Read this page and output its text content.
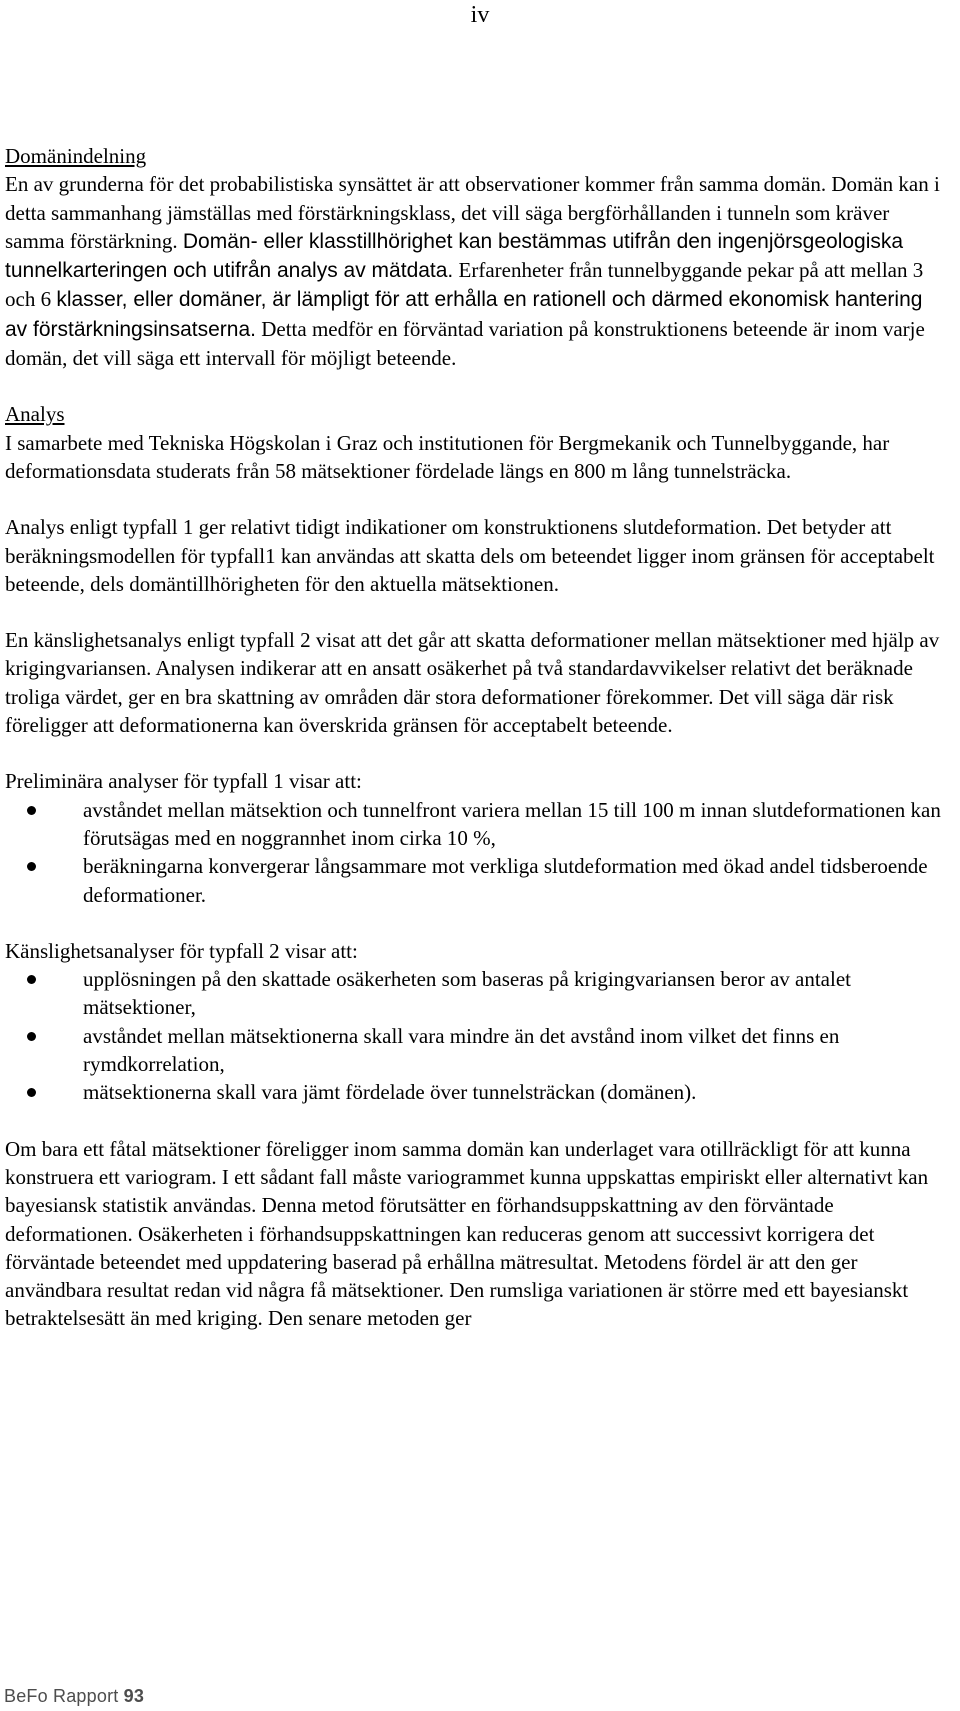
iv
Domänindelning

En av grunderna för det probabilistiska synsättet är att observationer kommer från samma domän. Domän kan i detta sammanhang jämställas med förstärkningsklass, det vill säga bergförhållanden i tunneln som kräver samma förstärkning. Domän- eller klasstillhörighet kan bestämmas utifrån den ingenjörsgeologiska tunnelkarteringen och utifrån analys av mätdata. Erfarenheter från tunnelbyggande pekar på att mellan 3 och 6 klasser, eller domäner, är lämpligt för att erhålla en rationell och därmed ekonomisk hantering av förstärkningsinsatserna. Detta medför en förväntad variation på konstruktionens beteende är inom varje domän, det vill säga ett intervall för möjligt beteende.

Analys

I samarbete med Tekniska Högskolan i Graz och institutionen för Bergmekanik och Tunnelbyggande, har deformationsdata studerats från 58 mätsektioner fördelade längs en 800 m lång tunnelsträcka.

Analys enligt typfall 1 ger relativt tidigt indikationer om konstruktionens slutdeformation. Det betyder att beräkningsmodellen för typfall1 kan användas att skatta dels om beteendet ligger inom gränsen för acceptabelt beteende, dels domäntillhörigheten för den aktuella mätsektionen.

En känslighetsanalys enligt typfall 2 visat att det går att skatta deformationer mellan mätsektioner med hjälp av krigingvariansen. Analysen indikerar att en ansatt osäkerhet på två standardavvikelser relativt det beräknade troliga värdet, ger en bra skattning av områden där stora deformationer förekommer. Det vill säga där risk föreligger att deformationerna kan överskrida gränsen för acceptabelt beteende.

Preliminära analyser för typfall 1 visar att:

avståndet mellan mätsektion och tunnelfront variera mellan 15 till 100 m innan slutdeformationen kan förutsägas med en noggrannhet inom cirka 10 %,
beräkningarna konvergerar långsammare mot verkliga slutdeformation med ökad andel tidsberoende deformationer.

Känslighetsanalyser för typfall 2 visar att:

upplösningen på den skattade osäkerheten som baseras på krigingvariansen beror av antalet mätsektioner,
avståndet mellan mätsektionerna skall vara mindre än det avstånd inom vilket det finns en rymdkorrelation,
mätsektionerna skall vara jämt fördelade över tunnelsträckan (domänen).

Om bara ett fåtal mätsektioner föreligger inom samma domän kan underlaget vara otillräckligt för att kunna konstruera ett variogram. I ett sådant fall måste variogrammet kunna uppskattas empiriskt eller alternativt kan bayesiansk statistik användas. Denna metod förutsätter en förhandsuppskattning av den förväntade deformationen. Osäkerheten i förhandsuppskattningen kan reduceras genom att successivt korrigera det förväntade beteendet med uppdatering baserad på erhållna mätresultat. Metodens fördel är att den ger användbara resultat redan vid några få mätsektioner. Den rumsliga variationen är större med ett bayesianskt betraktelsesätt än med kriging. Den senare metoden ger

BeFo Rapport 93
